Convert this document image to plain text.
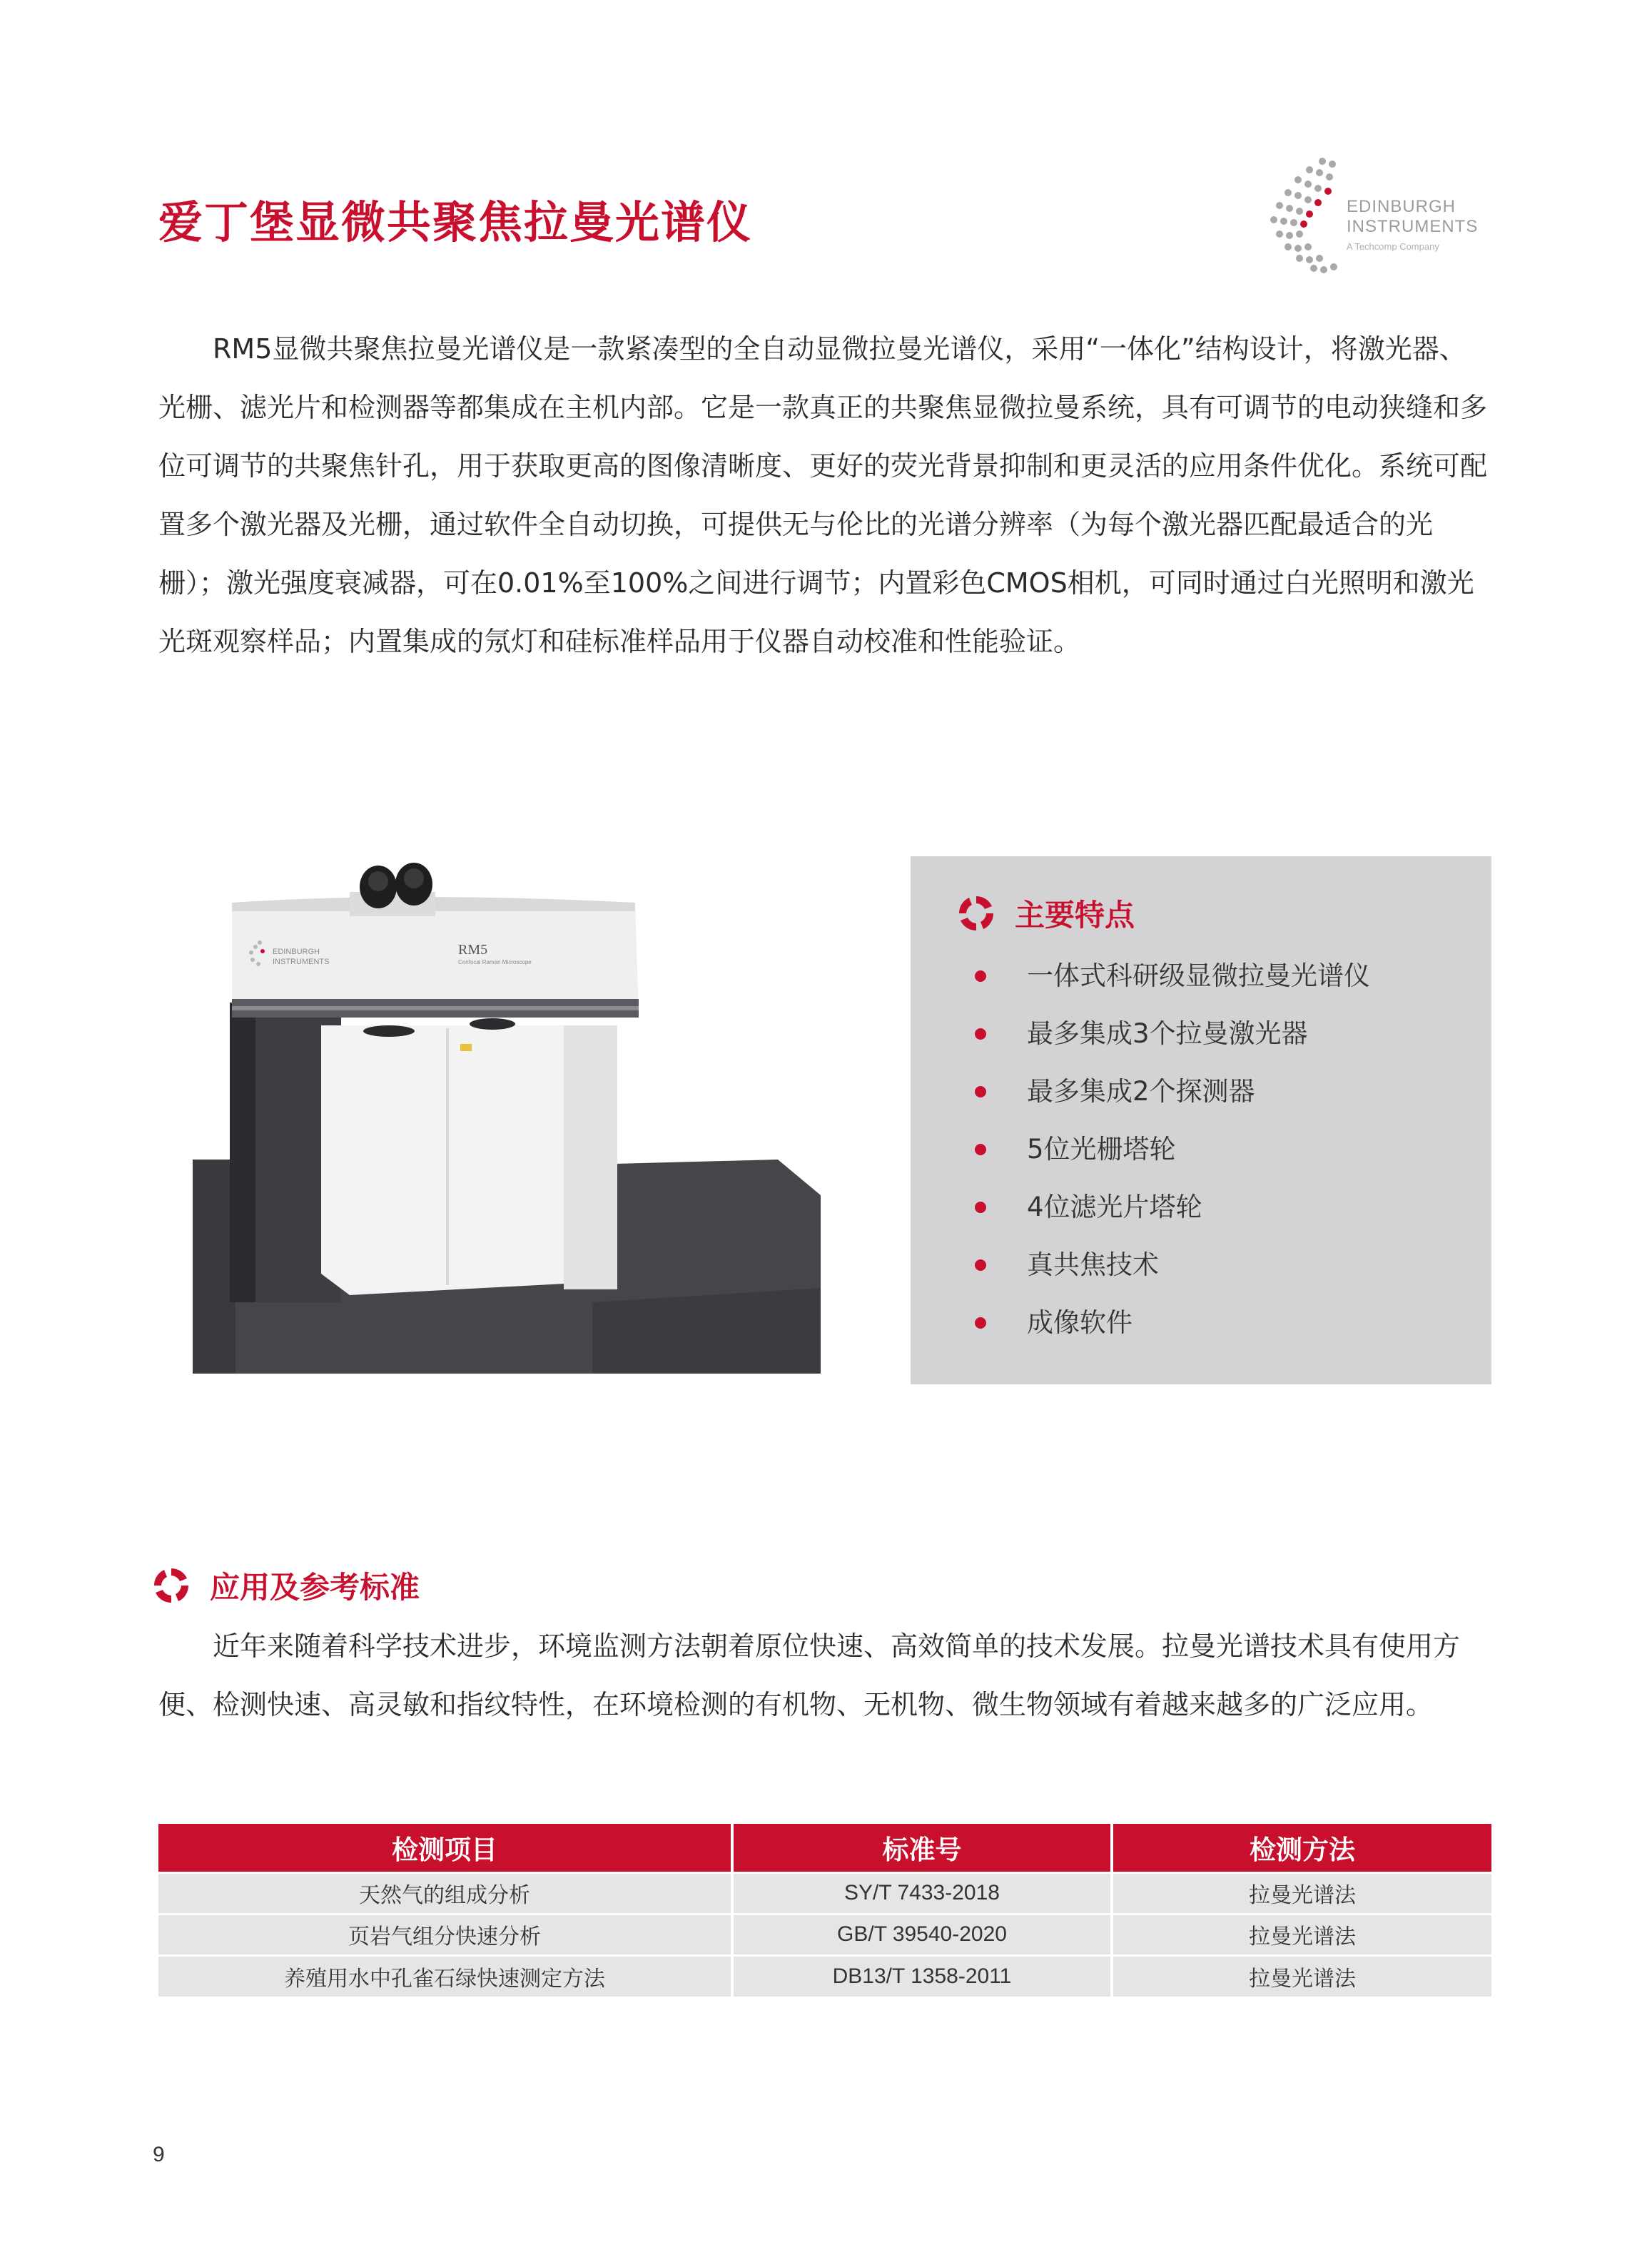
爱丁堡显微共聚焦拉曼光谱仪	EDINBURGH
INSTRUMENTS
A Techcomp Company

RM5显微共聚焦拉曼光谱仪是一款紧凑型的全自动显微拉曼光谱仪，采用“一体化”结构设计，将激光器、光栅、滤光片和检测器等都集成在主机内部。它是一款真正的共聚焦显微拉曼系统，具有可调节的电动狭缝和多位可调节的共聚焦针孔，用于获取更高的图像清晰度、更好的荧光背景抑制和更灵活的应用条件优化。系统可配置多个激光器及光栅，通过软件全自动切换，可提供无与伦比的光谱分辨率（为每个激光器匹配最适合的光栅）；激光强度衰减器，可在0.01%至100%之间进行调节；内置彩色CMOS相机，可同时通过白光照明和激光光斑观察样品；内置集成的氖灯和硅标准样品用于仪器自动校准和性能验证。

EDINBURGH
INSTRUMENTS
RM5
Confocal Raman Microscope
主要特点
一体式科研级显微拉曼光谱仪
最多集成3个拉曼激光器
最多集成2个探测器
5位光栅塔轮
4位滤光片塔轮
真共焦技术
成像软件
应用及参考标准

近年来随着科学技术进步，环境监测方法朝着原位快速、高效简单的技术发展。拉曼光谱技术具有使用方便、检测快速、高灵敏和指纹特性，在环境检测的有机物、无机物、微生物领域有着越来越多的广泛应用。

检测项目	标准号	检测方法
天然气的组成分析	SY/T 7433-2018	拉曼光谱法
页岩气组分快速分析	GB/T 39540-2020	拉曼光谱法
养殖用水中孔雀石绿快速测定方法	DB13/T 1358-2011	拉曼光谱法
9
